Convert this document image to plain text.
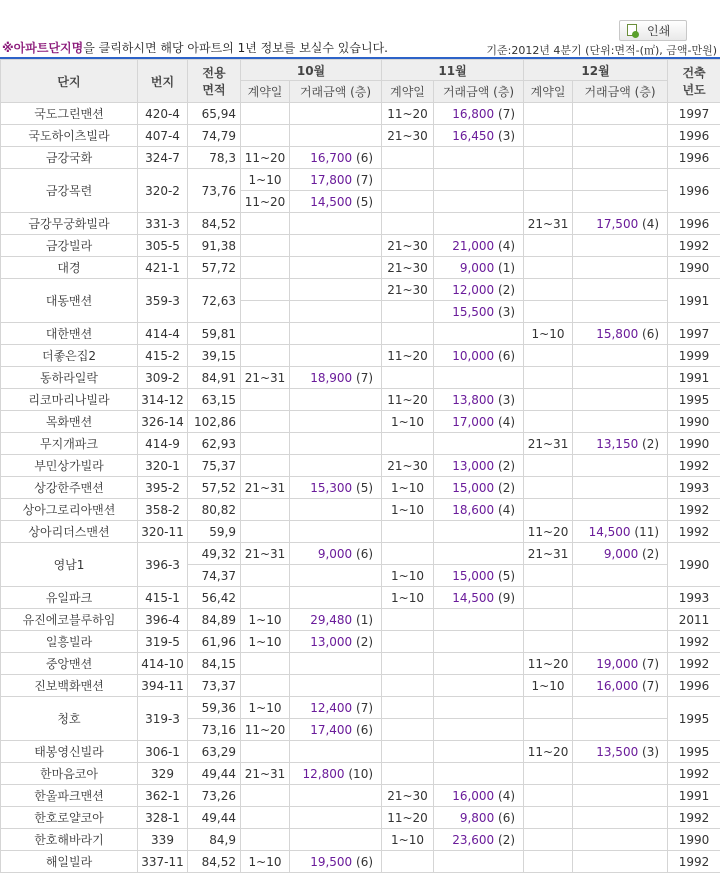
인쇄
※아파트단지명을 클릭하시면 해당 아파트의 1년 정보를 보실수 있습니다.	기준:2012년 4분기 (단위:면적-(㎡), 금액-만원)
단지	번지	전용
면적	10월		11월		12월		건축
년도
			계약일	거래금액 (층)	계약일	거래금액 (층)	계약일	거래금액 (층)	
국도그린맨션	420-4	65,94			11~20	16,800 (7)			1997
국도하이츠빌라	407-4	74,79			21~30	16,450 (3)			1996
금강국화	324-7	78,3	11~20	16,700 (6)					1996
금강목련	320-2	73,76	1~10	17,800 (7)					1996
			11~20	14,500 (5)					
금강무궁화빌라	331-3	84,52					21~31	17,500 (4)	1996
금강빌라	305-5	91,38			21~30	21,000 (4)			1992
대경	421-1	57,72			21~30	9,000 (1)			1990
대동맨션	359-3	72,63			21~30	12,000 (2)			1991
						15,500 (3)			
대한맨션	414-4	59,81					1~10	15,800 (6)	1997
더좋은집2	415-2	39,15			11~20	10,000 (6)			1999
동하라일락	309-2	84,91	21~31	18,900 (7)					1991
리코마리나빌라	314-12	63,15			11~20	13,800 (3)			1995
목화맨션	326-14	102,86			1~10	17,000 (4)			1990
무지개파크	414-9	62,93					21~31	13,150 (2)	1990
부민상가빌라	320-1	75,37			21~30	13,000 (2)			1992
상강한주맨션	395-2	57,52	21~31	15,300 (5)	1~10	15,000 (2)			1993
상아그로리아맨션	358-2	80,82			1~10	18,600 (4)			1992
상아리더스맨션	320-11	59,9					11~20	14,500 (11)	1992
영남1	396-3	49,32	21~31	9,000 (6)			21~31	9,000 (2)	1990
		74,37			1~10	15,000 (5)			
유일파크	415-1	56,42			1~10	14,500 (9)			1993
유진에코블루하임	396-4	84,89	1~10	29,480 (1)					2011
일흥빌라	319-5	61,96	1~10	13,000 (2)					1992
중앙맨션	414-10	84,15					11~20	19,000 (7)	1992
진보백화맨션	394-11	73,37					1~10	16,000 (7)	1996
청호	319-3	59,36	1~10	12,400 (7)					1995
		73,16	11~20	17,400 (6)					
태봉영신빌라	306-1	63,29					11~20	13,500 (3)	1995
한마음코아	329	49,44	21~31	12,800 (10)					1992
한울파크맨션	362-1	73,26			21~30	16,000 (4)			1991
한호로얄코아	328-1	49,44			11~20	9,800 (6)			1992
한호해바라기	339	84,9			1~10	23,600 (2)			1990
해일빌라	337-11	84,52	1~10	19,500 (6)					1992
